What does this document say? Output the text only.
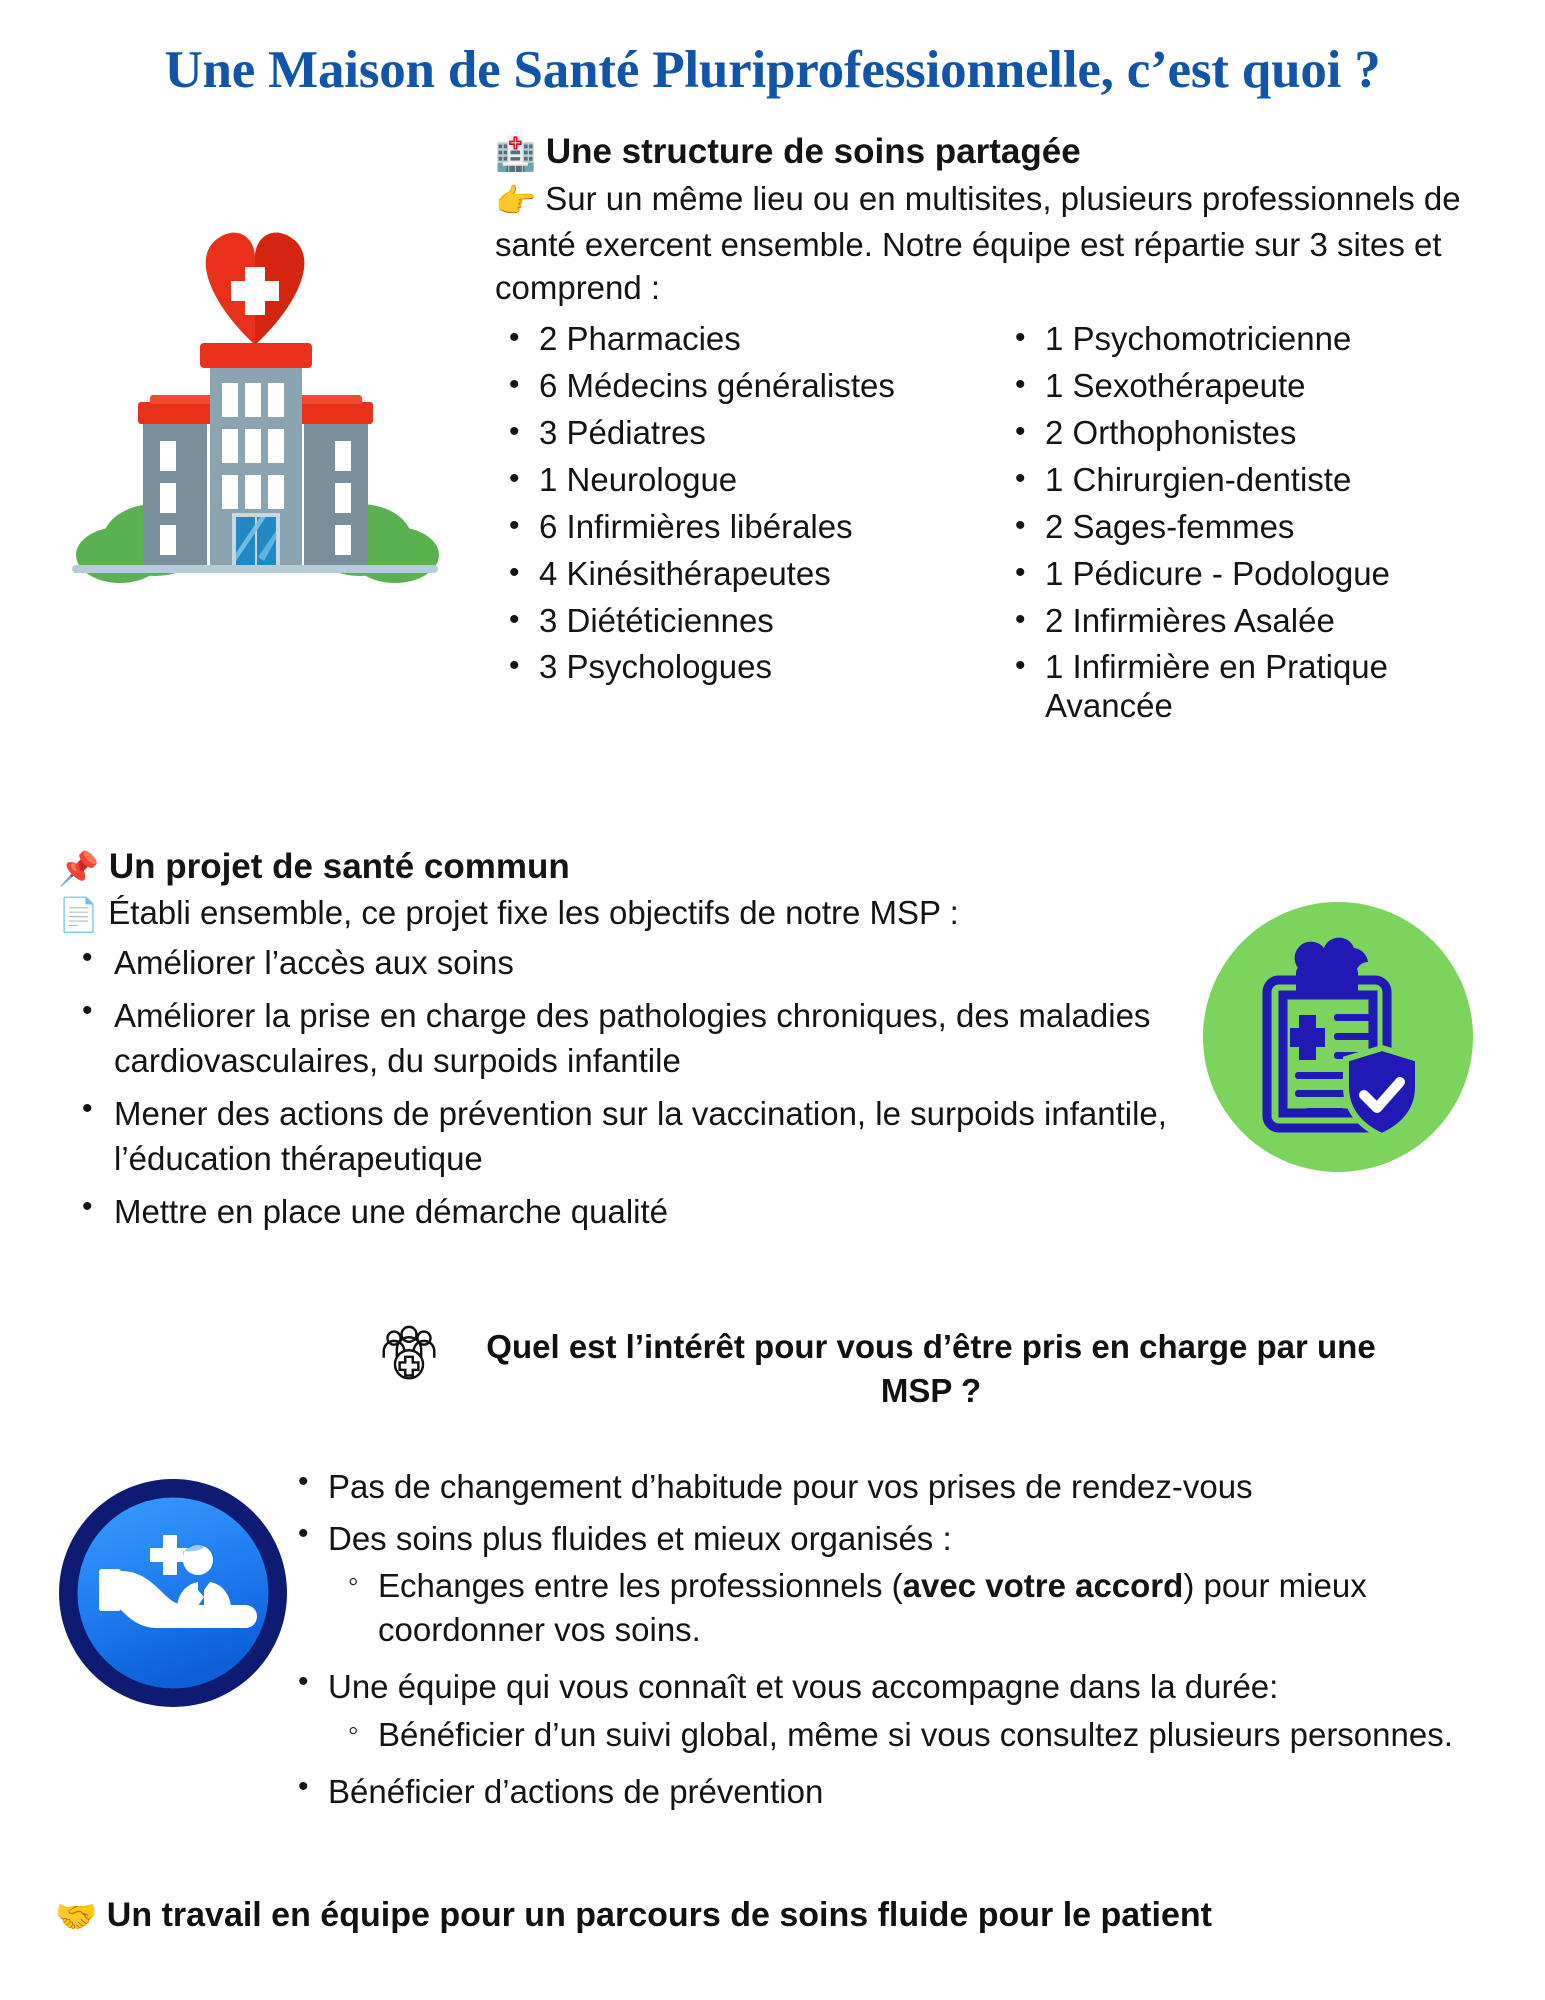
Une Maison de Santé Pluriprofessionnelle, c’est quoi ?
🏥 Une structure de soins partagée

👉 Sur un même lieu ou en multisites, plusieurs professionnels de santé exercent ensemble. Notre équipe est répartie sur 3 sites et comprend :

• 2 Pharmacies
• 6 Médecins généralistes
• 3 Pédiatres
• 1 Neurologue
• 6 Infirmières libérales
• 4 Kinésithérapeutes
• 3 Diététiciennes
• 3 Psychologues
• 1 Psychomotricienne
• 1 Sexothérapeute
• 2 Orthophonistes
• 1 Chirurgien-dentiste
• 2 Sages-femmes
• 1 Pédicure - Podologue
• 2 Infirmières Asalée
• 1 Infirmière en Pratique Avancée
📌 Un projet de santé commun

📄 Établi ensemble, ce projet fixe les objectifs de notre MSP :

• Améliorer l’accès aux soins
• Améliorer la prise en charge des pathologies chroniques, des maladies cardiovasculaires, du surpoids infantile
• Mener des actions de prévention sur la vaccination, le surpoids infantile, l’éducation thérapeutique
• Mettre en place une démarche qualité
Quel est l’intérêt pour vous d’être pris en charge par une MSP ?
• Pas de changement d’habitude pour vos prises de rendez-vous
• Des soins plus fluides et mieux organisés :
◦ Echanges entre les professionnels (avec votre accord) pour mieux coordonner vos soins.
• Une équipe qui vous connaît et vous accompagne dans la durée:
◦ Bénéficier d’un suivi global, même si vous consultez plusieurs personnes.
• Bénéficier d’actions de prévention
🤝 Un travail en équipe pour un parcours de soins fluide pour le patient
